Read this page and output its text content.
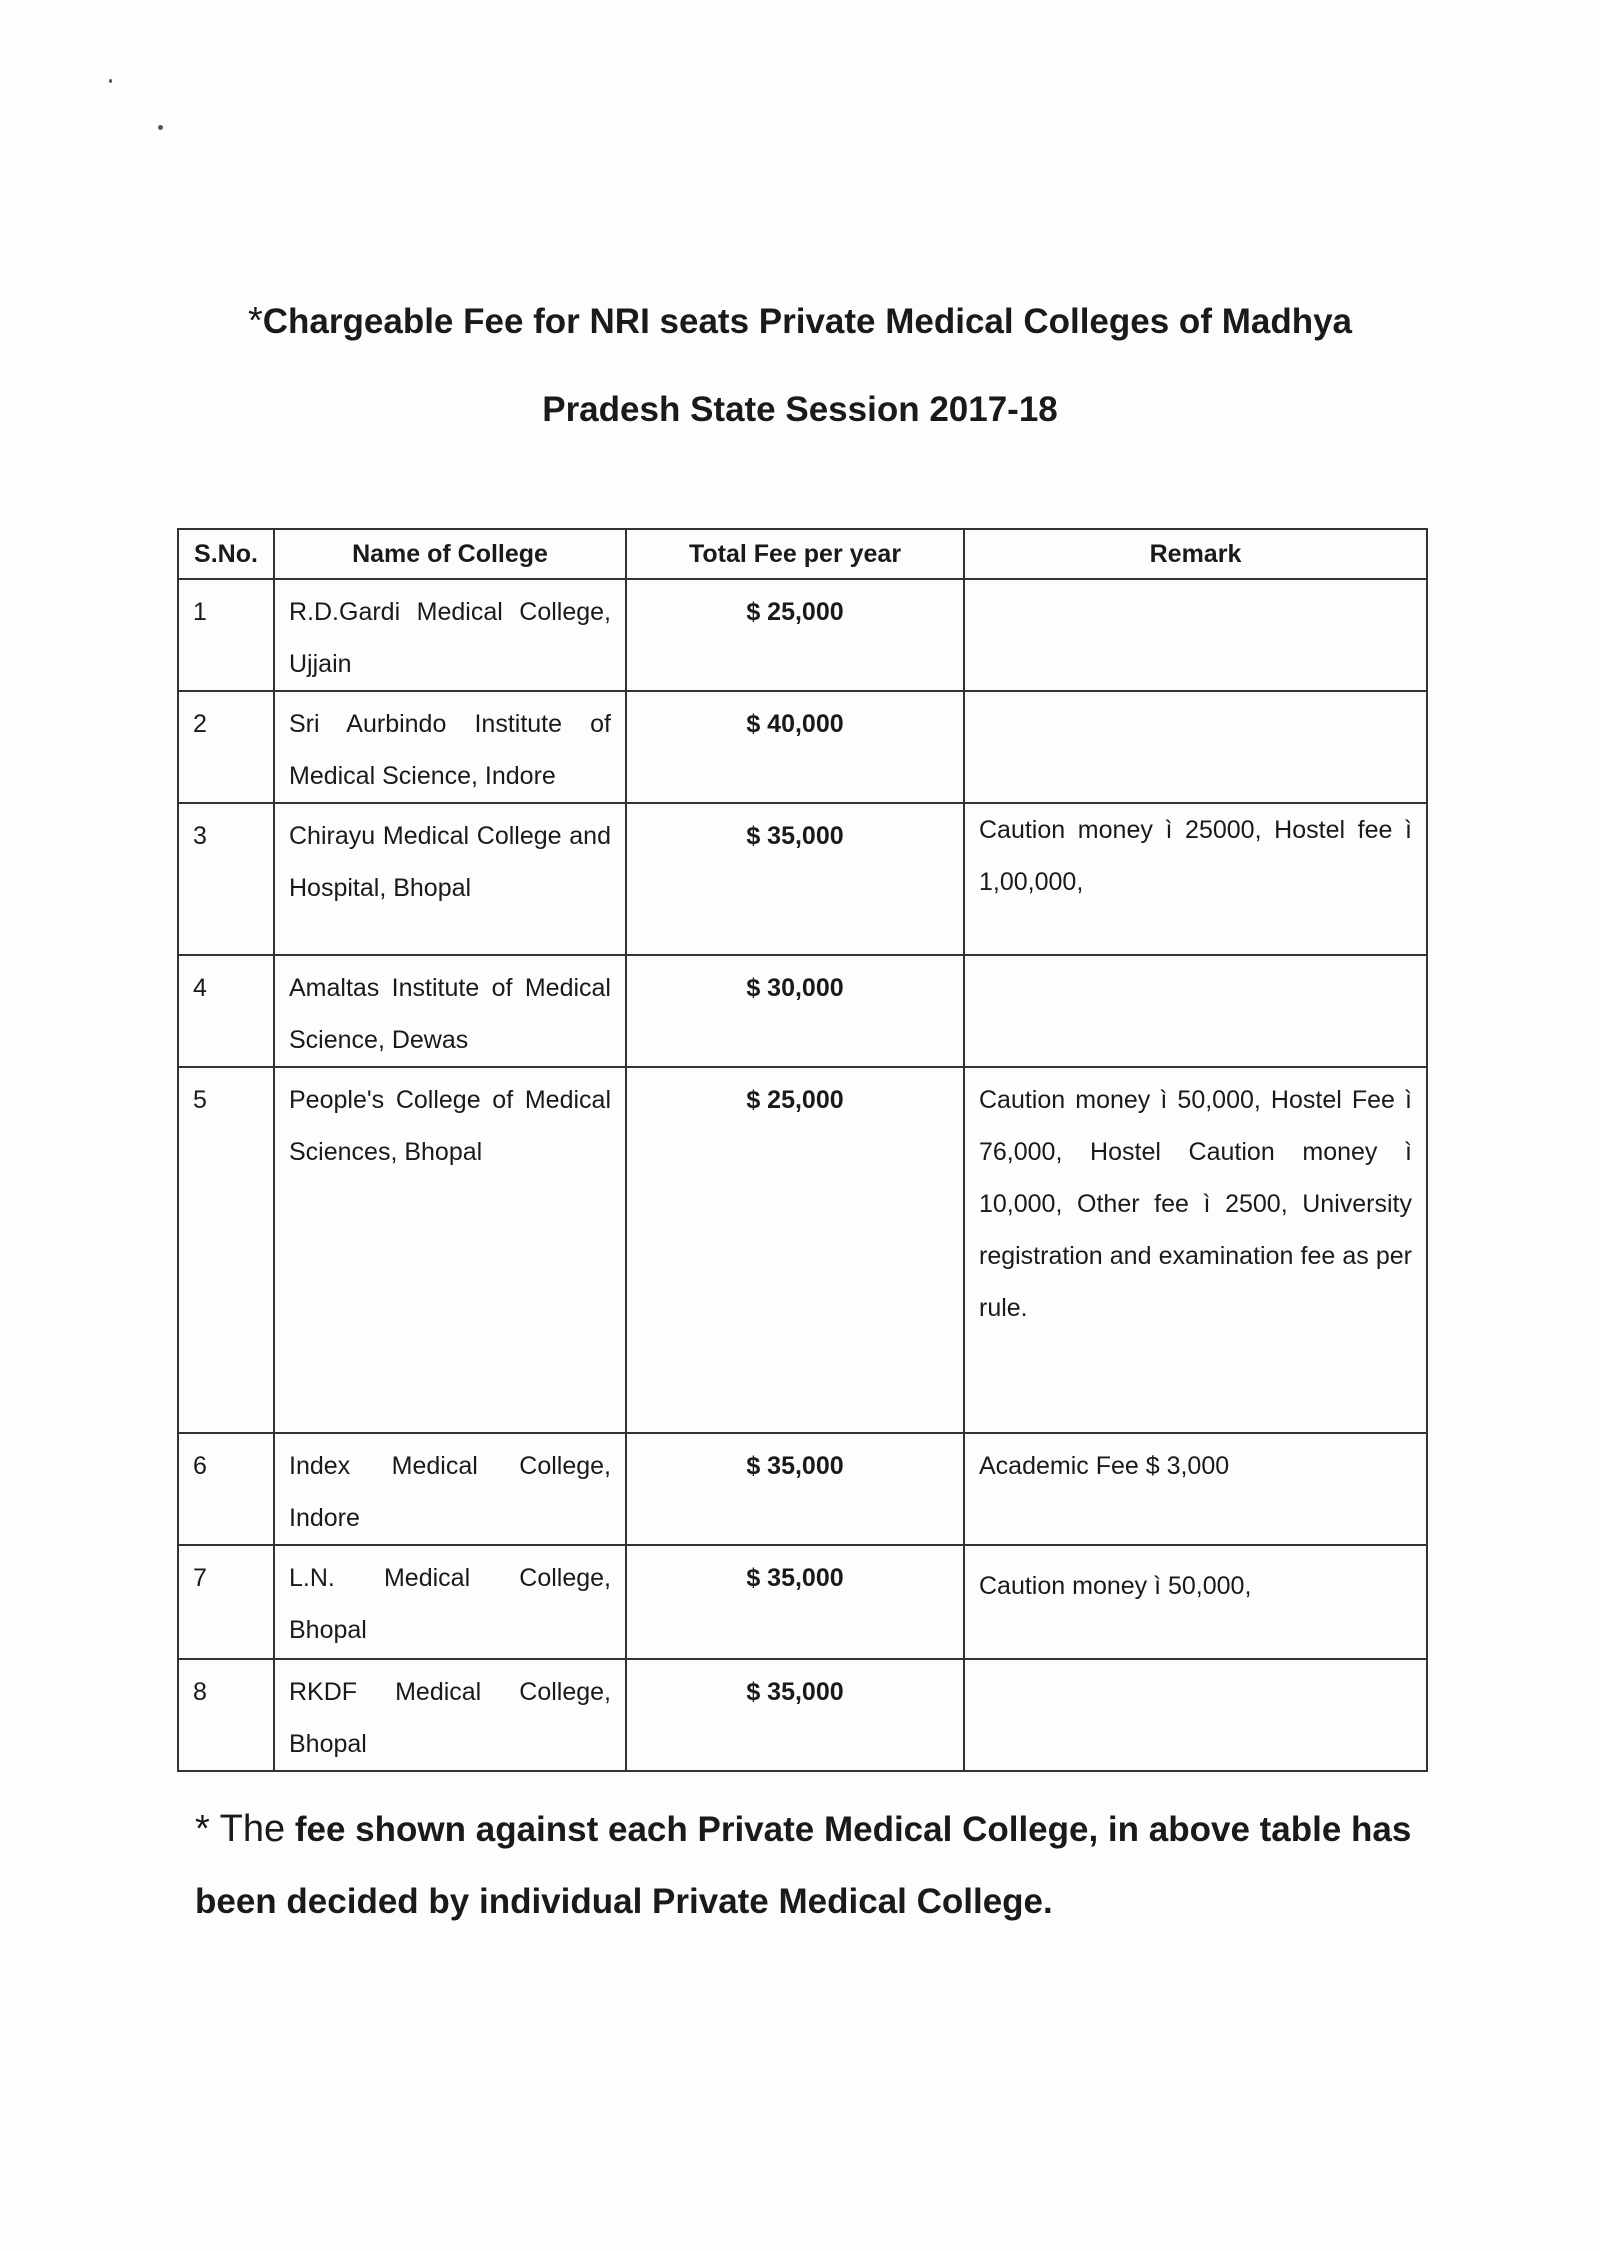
*Chargeable Fee for NRI seats Private Medical Colleges of Madhya
Pradesh State Session 2017-18
S.No.	Name of College	Total Fee per year	Remark
1	R.D.Gardi Medical College, Ujjain	$ 25,000	
2	Sri Aurbindo Institute of Medical Science, Indore	$ 40,000	
3	Chirayu Medical College and Hospital, Bhopal	$ 35,000	Caution money ì 25000, Hostel fee ì 1,00,000,
4	Amaltas Institute of Medical Science, Dewas	$ 30,000	
5	People's College of Medical Sciences, Bhopal	$ 25,000	Caution money ì 50,000, Hostel Fee ì 76,000, Hostel Caution money ì 10,000, Other fee ì 2500, University registration and examination fee as per rule.
6	Index Medical College, Indore	$ 35,000	Academic Fee $ 3,000
7	L.N. Medical College, Bhopal	$ 35,000	Caution money ì 50,000,
8	RKDF Medical College, Bhopal	$ 35,000	
* The fee shown against each Private Medical College, in above table has been decided by individual Private Medical College.
